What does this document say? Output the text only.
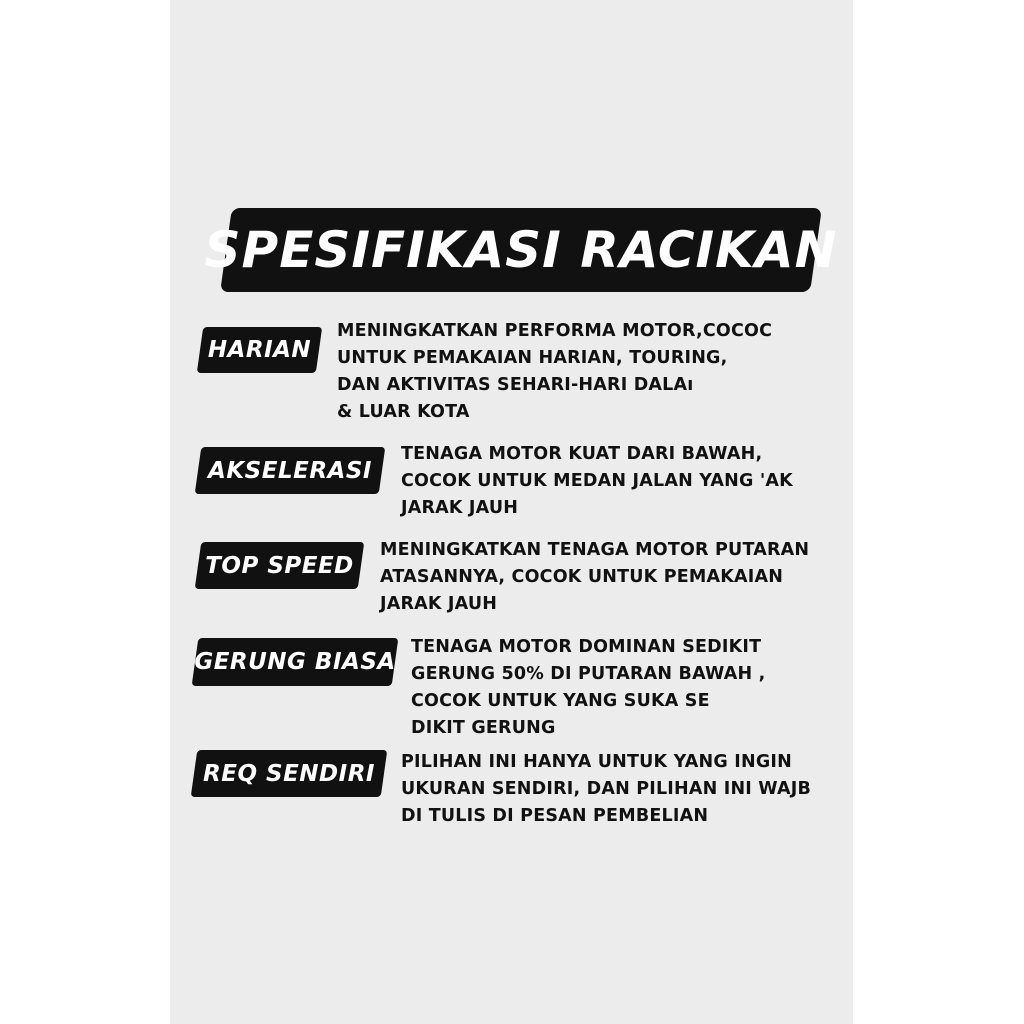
SPESIFIKASI RACIKAN
HARIAN

MENINGKATKAN PERFORMA MOTOR,COCOC
UNTUK PEMAKAIAN HARIAN, TOURING,
DAN AKTIVITAS SEHARI-HARI DALAı
& LUAR KOTA

AKSELERASI

TENAGA MOTOR KUAT DARI BAWAH,
COCOK UNTUK MEDAN JALAN YANG 'AK
JARAK JAUH

TOP SPEED

MENINGKATKAN TENAGA MOTOR PUTARAN
ATASANNYA, COCOK UNTUK PEMAKAIAN
JARAK JAUH

GERUNG BIASA

TENAGA MOTOR DOMINAN SEDIKIT
GERUNG 50% DI PUTARAN BAWAH ,
COCOK UNTUK YANG SUKA SE
DIKIT GERUNG

REQ SENDIRI	PILIHAN INI HANYA UNTUK YANG INGIN
UKURAN SENDIRI, DAN PILIHAN INI WAJB
DI TULIS DI PESAN PEMBELIAN
